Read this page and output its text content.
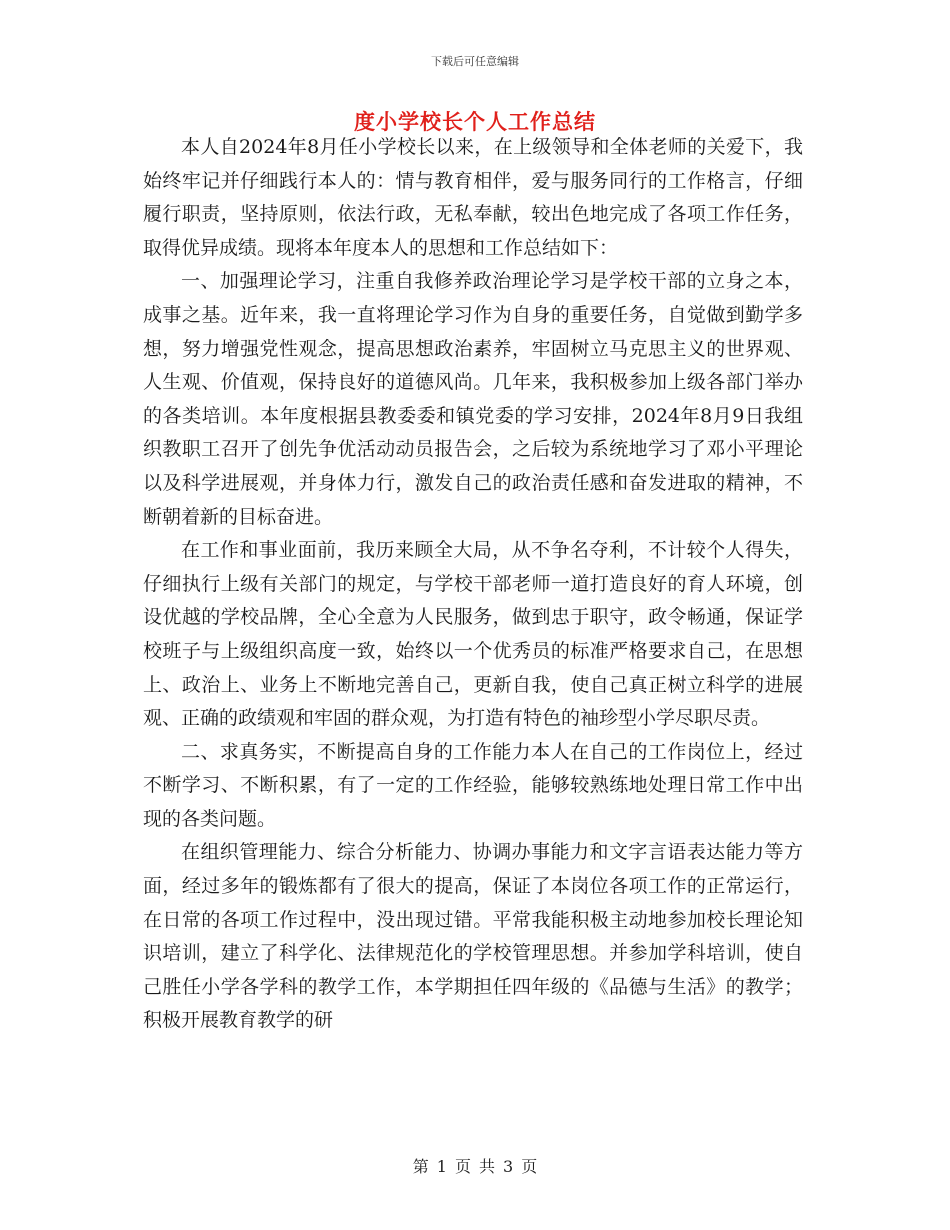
下载后可任意编辑
度小学校长个人工作总结

本人自2024年8月任小学校长以来，在上级领导和全体老师的关爱下，我始终牢记并仔细践行本人的：情与教育相伴，爱与服务同行的工作格言，仔细履行职责，坚持原则，依法行政，无私奉献，较出色地完成了各项工作任务，取得优异成绩。现将本年度本人的思想和工作总结如下：

一、加强理论学习，注重自我修养政治理论学习是学校干部的立身之本，成事之基。近年来，我一直将理论学习作为自身的重要任务，自觉做到勤学多想，努力增强党性观念，提高思想政治素养，牢固树立马克思主义的世界观、人生观、价值观，保持良好的道德风尚。几年来，我积极参加上级各部门举办的各类培训。本年度根据县教委委和镇党委的学习安排，2024年8月9日我组织教职工召开了创先争优活动动员报告会，之后较为系统地学习了邓小平理论以及科学进展观，并身体力行，激发自己的政治责任感和奋发进取的精神，不断朝着新的目标奋进。

在工作和事业面前，我历来顾全大局，从不争名夺利，不计较个人得失，仔细执行上级有关部门的规定，与学校干部老师一道打造良好的育人环境，创设优越的学校品牌，全心全意为人民服务，做到忠于职守，政令畅通，保证学校班子与上级组织高度一致，始终以一个优秀员的标准严格要求自己，在思想上、政治上、业务上不断地完善自己，更新自我，使自己真正树立科学的进展观、正确的政绩观和牢固的群众观，为打造有特色的袖珍型小学尽职尽责。

二、求真务实，不断提高自身的工作能力本人在自己的工作岗位上，经过不断学习、不断积累，有了一定的工作经验，能够较熟练地处理日常工作中出现的各类问题。

在组织管理能力、综合分析能力、协调办事能力和文字言语表达能力等方面，经过多年的锻炼都有了很大的提高，保证了本岗位各项工作的正常运行，在日常的各项工作过程中，没出现过错。平常我能积极主动地参加校长理论知识培训，建立了科学化、法律规范化的学校管理思想。并参加学科培训，使自己胜任小学各学科的教学工作，本学期担任四年级的《品德与生活》的教学；积极开展教育教学的研

第 1 页 共 3 页
